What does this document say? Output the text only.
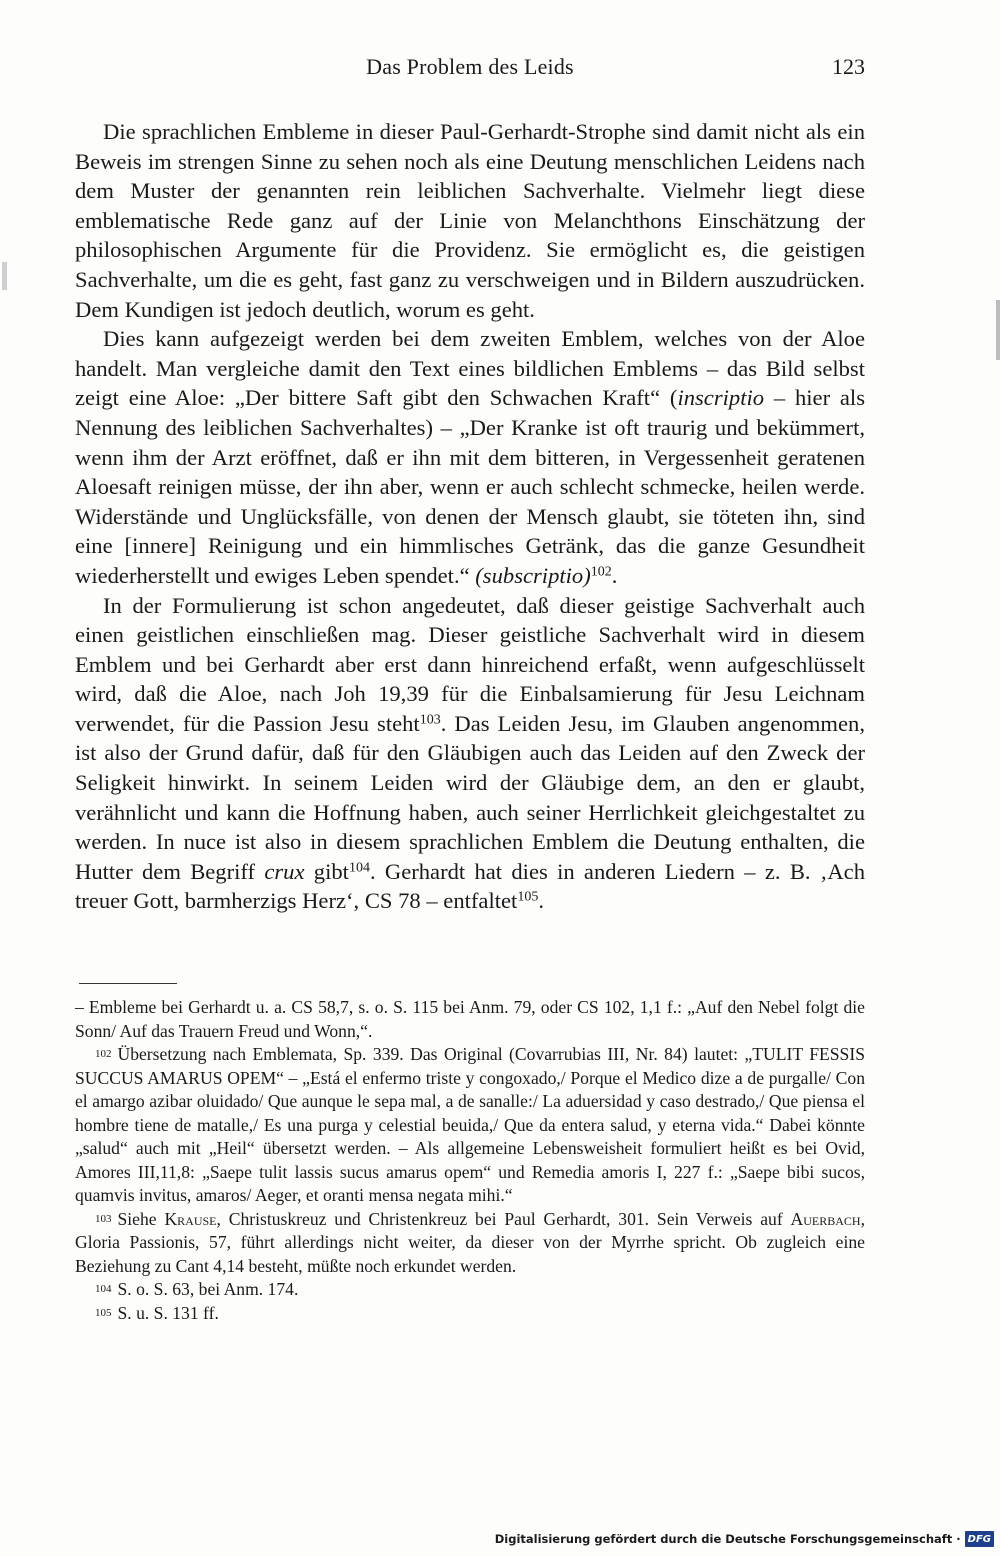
Das Problem des Leids	123

Die sprachlichen Embleme in dieser Paul-Gerhardt-Strophe sind damit nicht als ein Beweis im strengen Sinne zu sehen noch als eine Deutung menschlichen Leidens nach dem Muster der genannten rein leiblichen Sachverhalte. Vielmehr liegt diese emblematische Rede ganz auf der Linie von Melanchthons Einschätzung der philosophischen Argumente für die Providenz. Sie ermöglicht es, die geistigen Sachverhalte, um die es geht, fast ganz zu verschweigen und in Bildern auszudrücken. Dem Kundigen ist jedoch deutlich, worum es geht.

Dies kann aufgezeigt werden bei dem zweiten Emblem, welches von der Aloe handelt. Man vergleiche damit den Text eines bildlichen Emblems – das Bild selbst zeigt eine Aloe: „Der bittere Saft gibt den Schwachen Kraft“ (inscriptio – hier als Nennung des leiblichen Sachverhaltes) – „Der Kranke ist oft traurig und bekümmert, wenn ihm der Arzt eröffnet, daß er ihn mit dem bitteren, in Vergessenheit geratenen Aloesaft reinigen müsse, der ihn aber, wenn er auch schlecht schmecke, heilen werde. Widerstände und Unglücksfälle, von denen der Mensch glaubt, sie töteten ihn, sind eine [innere] Reinigung und ein himmlisches Getränk, das die ganze Gesundheit wiederherstellt und ewiges Leben spendet.“ (subscriptio)$^{102}$.

In der Formulierung ist schon angedeutet, daß dieser geistige Sachverhalt auch einen geistlichen einschließen mag. Dieser geistliche Sachverhalt wird in diesem Emblem und bei Gerhardt aber erst dann hinreichend erfaßt, wenn aufgeschlüsselt wird, daß die Aloe, nach Joh 19,39 für die Einbalsamierung für Jesu Leichnam verwendet, für die Passion Jesu steht$^{103}$. Das Leiden Jesu, im Glauben angenommen, ist also der Grund dafür, daß für den Gläubigen auch das Leiden auf den Zweck der Seligkeit hinwirkt. In seinem Leiden wird der Gläubige dem, an den er glaubt, verähnlicht und kann die Hoffnung haben, auch seiner Herrlichkeit gleichgestaltet zu werden. In nuce ist also in diesem sprachlichen Emblem die Deutung enthalten, die Hutter dem Begriff crux gibt$^{104}$. Gerhardt hat dies in anderen Liedern – z. B. ‚Ach treuer Gott, barmherzigs Herz‘, CS 78 – entfaltet$^{105}$.

– Embleme bei Gerhardt u. a. CS 58,7, s. o. S. 115 bei Anm. 79, oder CS 102, 1,1 f.: „Auf den Nebel folgt die Sonn/ Auf das Trauern Freud und Wonn,“.

102 Übersetzung nach Emblemata, Sp. 339. Das Original (Covarrubias III, Nr. 84) lautet: „TULIT FESSIS SUCCUS AMARUS OPEM“ – „Está el enfermo triste y congoxado,/ Porque el Medico dize a de purgalle/ Con el amargo azibar oluidado/ Que aunque le sepa mal, a de sanalle:/ La aduersidad y caso destrado,/ Que piensa el hombre tiene de matalle,/ Es una purga y celestial beuida,/ Que da entera salud, y eterna vida.“ Dabei könnte „salud“ auch mit „Heil“ übersetzt werden. – Als allgemeine Lebensweisheit formuliert heißt es bei Ovid, Amores III,11,8: „Saepe tulit lassis sucus amarus opem“ und Remedia amoris I, 227 f.: „Saepe bibi sucos, quamvis invitus, amaros/ Aeger, et oranti mensa negata mihi.“

103 Siehe Krause, Christuskreuz und Christenkreuz bei Paul Gerhardt, 301. Sein Verweis auf Auerbach, Gloria Passionis, 57, führt allerdings nicht weiter, da dieser von der Myrrhe spricht. Ob zugleich eine Beziehung zu Cant 4,14 besteht, müßte noch erkundet werden.

104 S. o. S. 63, bei Anm. 174.

105 S. u. S. 131 ff.

Digitalisierung gefördert durch die Deutsche Forschungsgemeinschaft · DFG
